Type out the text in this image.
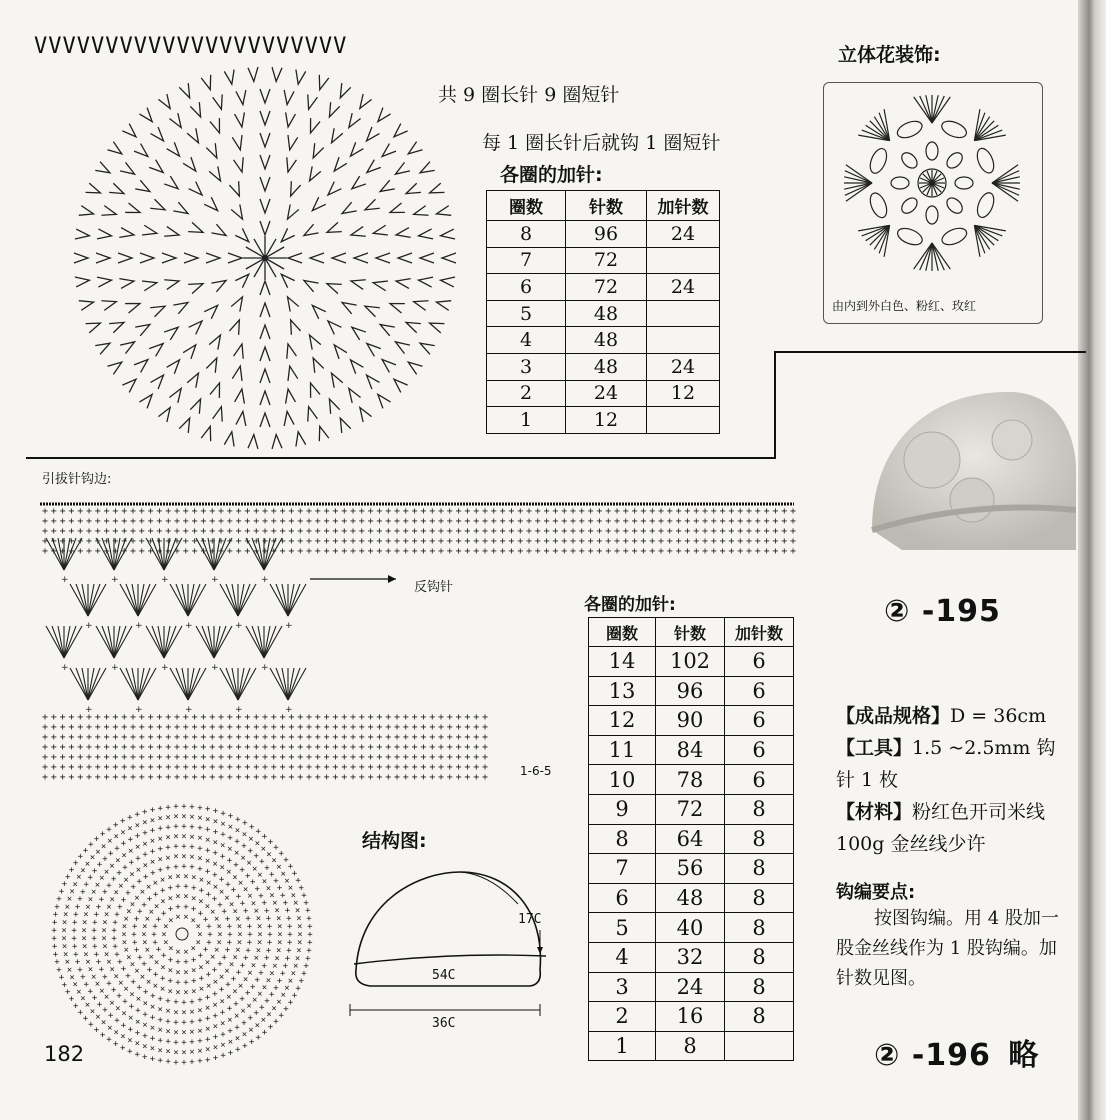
VVVVVVVVVVVVVVVVVVVVVV
共 9 圈长针 9 圈短针
每 1 圈长针后就钩 1 圈短针
各圈的加针:
圈数	针数	加针数
8	96	24
7	72	
6	72	24
5	48	
4	48	
3	48	24
2	24	12
1	12	
立体花装饰:
由内到外白色、粉红、玫红
② -195

【成品规格】D = 36cm

【工具】1.5 ~2.5mm 钩

针 1 枚

【材料】粉红色开司米线

100g 金丝线少许

钩编要点:
按图钩编。用 4 股加一
股金丝线作为 1 股钩编。加
针数见图。
② -196 略
引拔针钩边:
+ + + + + + + + + + + + + + + + + + + + + + + + + + + + + + + + + + + + + + + + + + + + + + + + + + + + + + + + + + + + + + + + + + + + + + + + + + + + + + + + + + + + + +
+ + + + + + + + + + + + + + + + + + + + + + + + + + + + + + + + + + + + + + + + + + + + + + + + + + + + + + + + + + + + + + + + + + + + + + + + + + + + + + + + + + + + + +
+ + + + + + + + + + + + + + + + + + + + + + + + + + + + + + + + + + + + + + + + + + + + + + + + + + + + + + + + + + + + + + + + + + + + + + + + + + + + + + + + + + + + + +
+ + + + + + + + + + + + + + + + + + + + + + + + + + + + + + + + + + + + + + + + + + + + + + + + + + + + + + + + + + + + + + + + + + + + + + + + + + + + + + + + + + + + + +
+ + + + + + + + + + + + + + + + + + + + + + + + + + + + + + + + + + + + + + + + + + + + + + + + + + + + + + + + + + + + + + + + + + + + + + + + + + + + + + + + + + + + + +
+ + + + + + + + + + + + + + + + + + + + + + + + + + + + + + + + + + + + + + + + + + + + + + + + + + +
+ + + + + + + + + + + + + + + + + + + + + + + + + + + + + + + + + + + + + + + + + + + + + + + + + + +
+ + + + + + + + + + + + + + + + + + + + + + + + + + + + + + + + + + + + + + + + + + + + + + + + + + +
+ + + + + + + + + + + + + + + + + + + + + + + + + + + + + + + + + + + + + + + + + + + + + + + + + + +
+ + + + + + + + + + + + + + + + + + + + + + + + + + + + + + + + + + + + + + + + + + + + + + + + + + +
+ + + + + + + + + + + + + + + + + + + + + + + + + + + + + + + + + + + + + + + + + + + + + + + + + + +
+ + + + + + + + + + + + + + + + + + + + + + + + + + + + + + + + + + + + + + + + + + + + + + + + + + +
+	+	+	+	+
+	+	+	+	+
+	+	+	+	+
+	+	+	+	+
反钩针
1-6-5
各圈的加针:
圈数	针数	加针数
14	102	6
13	96	6
12	90	6
11	84	6
10	78	6
9	72	8
8	64	8
7	56	8
6	48	8
5	40	8
4	32	8
3	24	8
2	16	8
1	8	
×
×
×
×
×
×
×
×
×
× × × ×
×
+
+
+
+
+
+
+
+
+
+
+
+
+
+
+ + + + + +
+
+
×
×
×
×
×
×
×
×
×
×
×
×
×
×
×
×
×
×
×
× × × × × × × ×
×
×
×
+
+
+
+
+
+
+
+
+
+
+
+
+
+
+
+
+
+
+
+
+
+
+
+
+ + + + + + + + + +
+
+
+
+
×
×
×
×
×
×
×
×
×
×
×
×
×
×
×
×
×
×
×
×
×
×
×
×
×
×
×
×
×
× × × × × × × × × × × ×
×
×
×
×
×
+
+
+
+
+
+
+
+
+
+
+
+
+
+
+
+
+
+
+
+
+
+
+
+
+
+
+
+
+
+
+
+
+
+
+ + + + + + + + + + + + +
+
+
+
+
+
+
×
×
×
×
×
×
×
×
×
×
×
×
×
×
×
×
×
×
×
×
×
×
×
×
×
×
×
×
×
×
×
×
×
×
×
×
×
×
×
× × × × × × × × × × × × × ×
×
×
×
×
×
×
×
×
+
+
+
+
+
+
+
+
+
+
+
+
+
+
+
+
+
+
+
+
+
+
+
+
+
+
+
+
+
+
+
+
+
+
+
+
+
+
+
+
+
+
+
+
+ + + + + + + + + + + + + + + +
+
+
+
+
+
+
+
+
+
×
×
×
×
×
×
×
×
×
×
×
×
×
×
×
×
×
×
×
×
×
×
×
×
×
×
×
×
×
×
×
×
×
×
×
×
×
×
×
×
×
×
×
×
×
×
×
×
×
× × × × × × × × × × × × × × × × × ×
×
×
×
×
×
×
×
×
×
×
+
+
+
+
+
+
+
+
+
+
+
+
+
+
+
+
+
+
+
+
+
+
+
+
+
+
+
+
+
+
+
+
+
+
+
+
+
+
+
+
+
+
+
+
+
+
+
+
+
+
+
+
+
+
+
+ + + + + + + + + + + + + + + + + + +
+
+
+
+
+
+
+
+
+
+
+
×
×
×
×
×
×
×
×
×
×
×
×
×
×
×
×
×
×
×
×
×
×
×
×
×
×
×
×
×
×
×
×
×
×
×
×
×
×
×
×
×
×
×
×
×
×
×
×
×
×
×
×
×
×
×
×
×
×
×
×
× × × × × × × × × × × × × × × × × × × × ×
×
×
×
×
×
×
×
×
×
×
×
×
+
+
+
+
+
+
+
+
+
+
+
+
+
+
+
+
+
+
+
+
+
+
+
+
+
+
+
+
+
+
+
+
+
+
+
+
+
+
+
+
+
+
+
+
+
+
+
+
+
+
+
+
+
+
+
+
+
+
+
+
+
+
+
+
+
+ + + + + + + + + + + + + + + + + + + + + + +
+
+
+
+
+
+
+
+
+
+
+
+
+
结构图:
17C
54C
36C
182
